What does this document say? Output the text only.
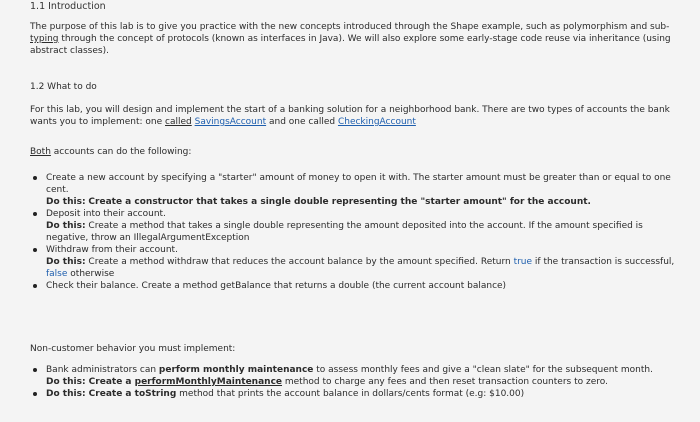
1.1 Introduction
The purpose of this lab is to give you practice with the new concepts introduced through the Shape example, such as polymorphism and sub-
typing through the concept of protocols (known as interfaces in Java). We will also explore some early-stage code reuse via inheritance (using
abstract classes).
1.2 What to do
For this lab, you will design and implement the start of a banking solution for a neighborhood bank. There are two types of accounts the bank
wants you to implement: one called SavingsAccount and one called CheckingAccount
Both accounts can do the following:
Create a new account by specifying a "starter" amount of money to open it with. The starter amount must be greater than or equal to one
cent.
Do this: Create a constructor that takes a single double representing the "starter amount" for the account.
Deposit into their account.
Do this: Create a method that takes a single double representing the amount deposited into the account. If the amount specified is
negative, throw an IllegalArgumentException
Withdraw from their account.
Do this: Create a method withdraw that reduces the account balance by the amount specified. Return true if the transaction is successful,
false otherwise
Check their balance. Create a method getBalance that returns a double (the current account balance)
Non-customer behavior you must implement:
Bank administrators can perform monthly maintenance to assess monthly fees and give a "clean slate" for the subsequent month.
Do this: Create a performMonthlyMaintenance method to charge any fees and then reset transaction counters to zero.
Do this: Create a toString method that prints the account balance in dollars/cents format (e.g: $10.00)
